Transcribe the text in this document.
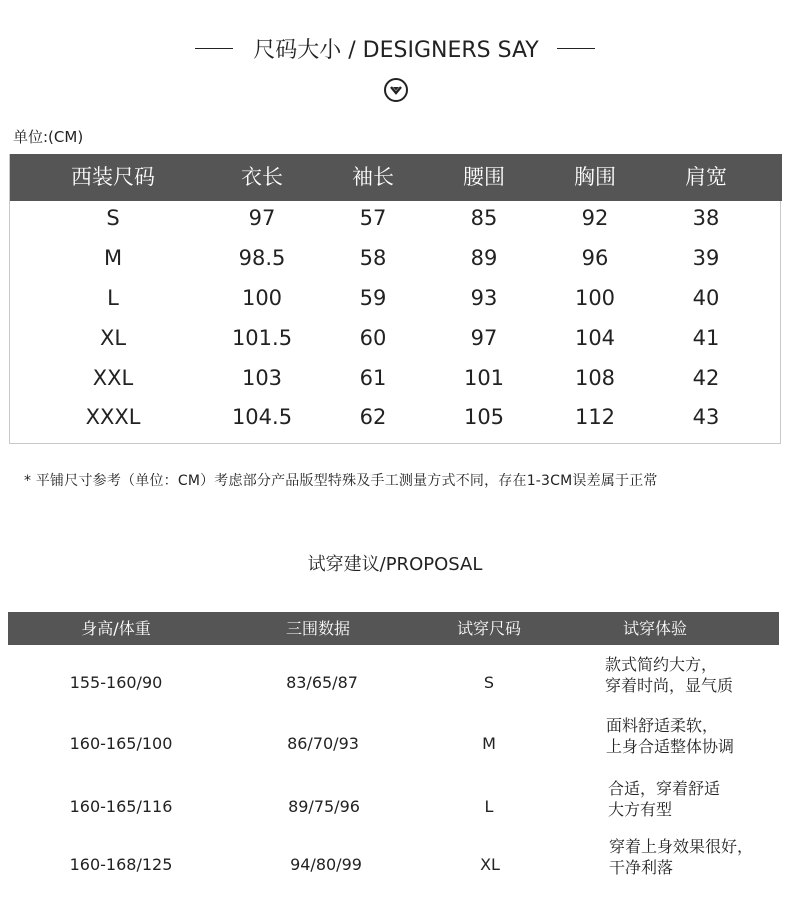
尺码大小 / DESIGNERS SAY
单位:(CM)
西装尺码	衣长	袖长	腰围	胸围	肩宽
S	97	57	85	92	38
M	98.5	58	89	96	39
L	100	59	93	100	40
XL	101.5	60	97	104	41
XXL	103	61	101	108	42
XXXL	104.5	62	105	112	43
* 平铺尺寸参考（单位：CM）考虑部分产品版型特殊及手工测量方式不同，存在1-3CM误差属于正常
试穿建议/PROPOSAL
身高/体重	三围数据	试穿尺码	试穿体验
155-160/90	83/65/87	S
款式简约大方，
穿着时尚，显气质
160-165/100	86/70/93	M
面料舒适柔软，
上身合适整体协调
160-165/116	89/75/96	L
合适，穿着舒适
大方有型
160-168/125	94/80/99	XL
穿着上身效果很好，
干净利落
